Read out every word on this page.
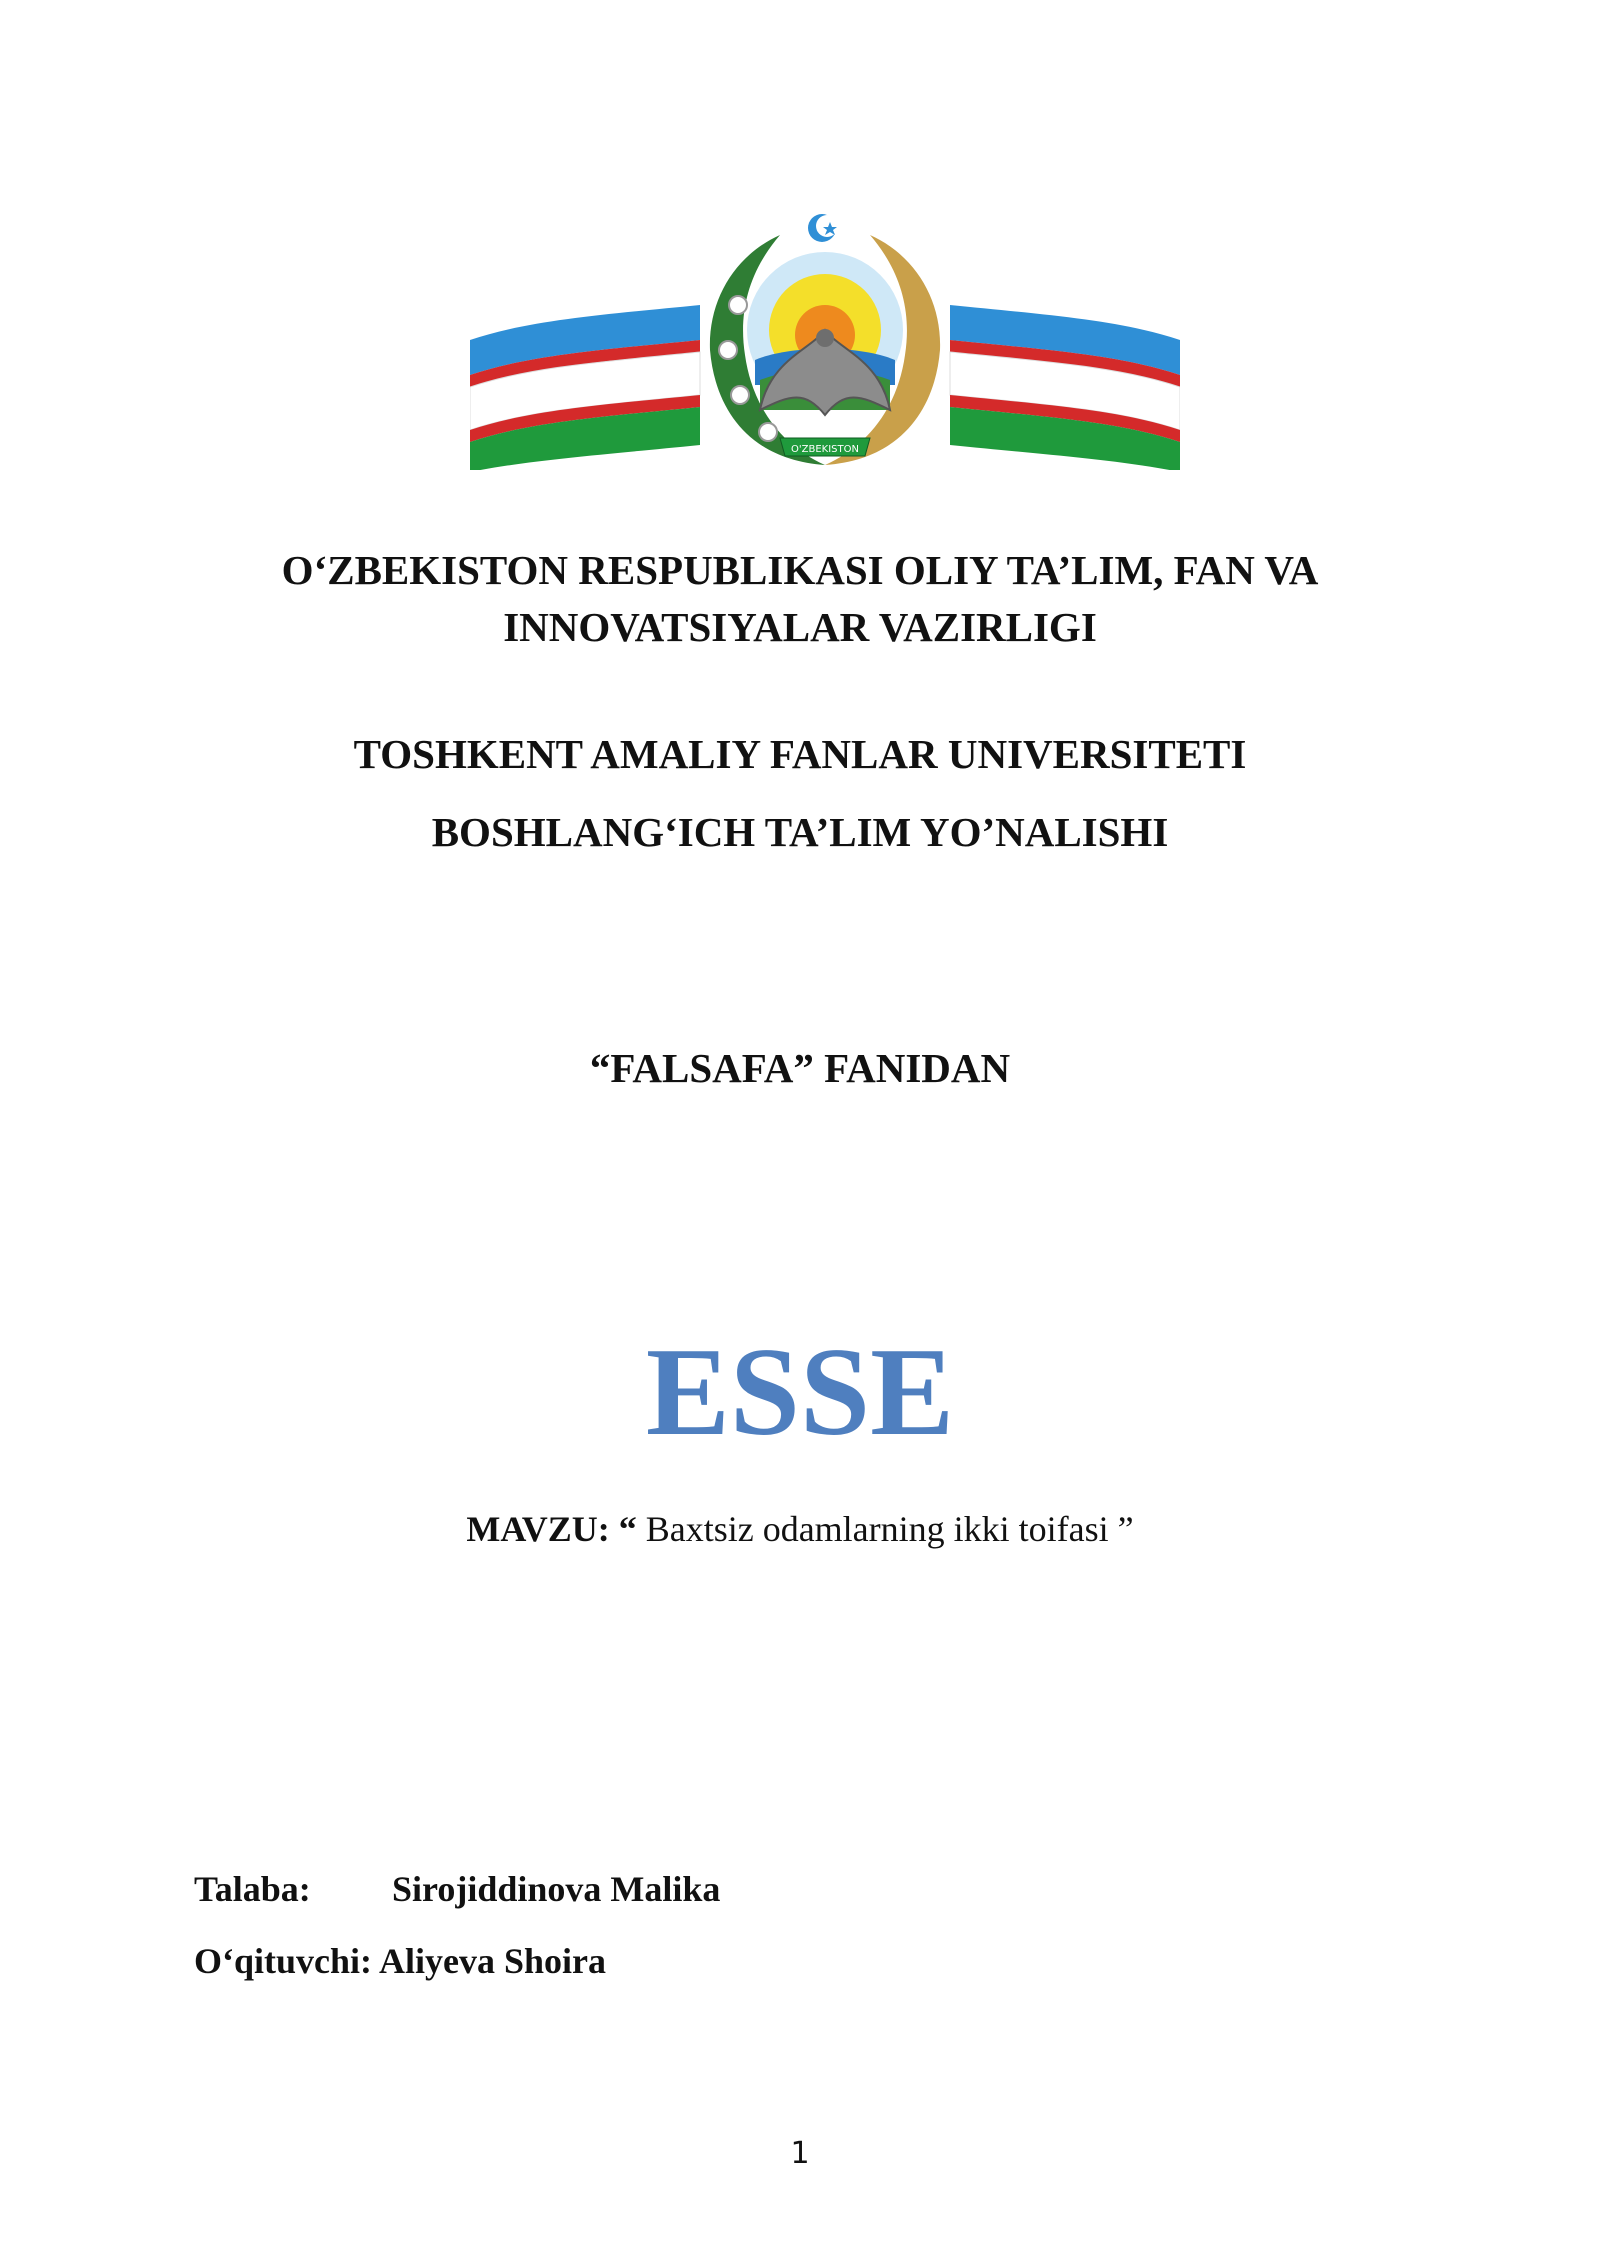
O'ZBEKISTON
O‘ZBEKISTON RESPUBLIKASI OLIY TA’LIM, FAN VA
INNOVATSIYALAR VAZIRLIGI
TOSHKENT AMALIY FANLAR UNIVERSITETI
BOSHLANG‘ICH TA’LIM YO’NALISHI
“FALSAFA” FANIDAN
ESSE
MAVZU: “ Baxtsiz odamlarning ikki toifasi ”
Talaba: Sirojiddinova Malika
O‘qituvchi: Aliyeva Shoira
1
